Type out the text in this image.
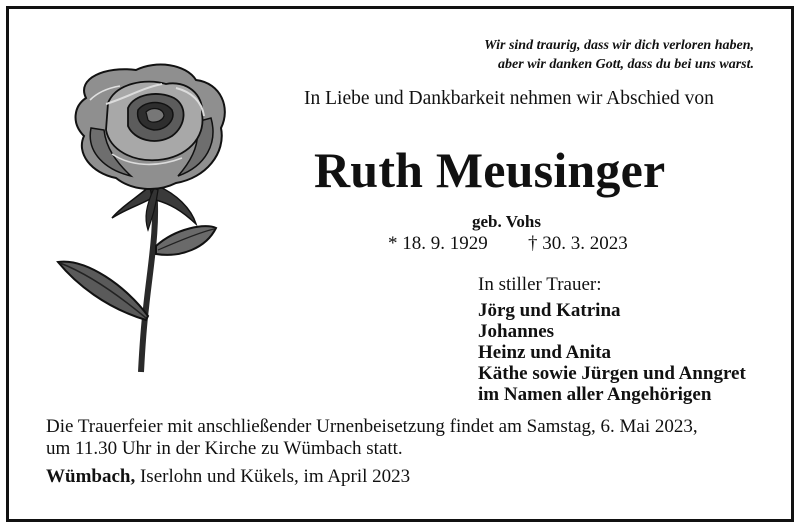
Wir sind traurig, dass wir dich verloren haben,
aber wir danken Gott, dass du bei uns warst.
In Liebe und Dankbarkeit nehmen wir Abschied von
Ruth Meusinger
geb. Vohs
* 18. 9. 1929 † 30. 3. 2023
In stiller Trauer:
Jörg und Katrina
Johannes
Heinz und Anita
Käthe sowie Jürgen und Anngret
im Namen aller Angehörigen
Die Trauerfeier mit anschließender Urnenbeisetzung findet am Samstag, 6. Mai 2023,
um 11.30 Uhr in der Kirche zu Wümbach statt.
Wümbach, Iserlohn und Kükels, im April 2023
